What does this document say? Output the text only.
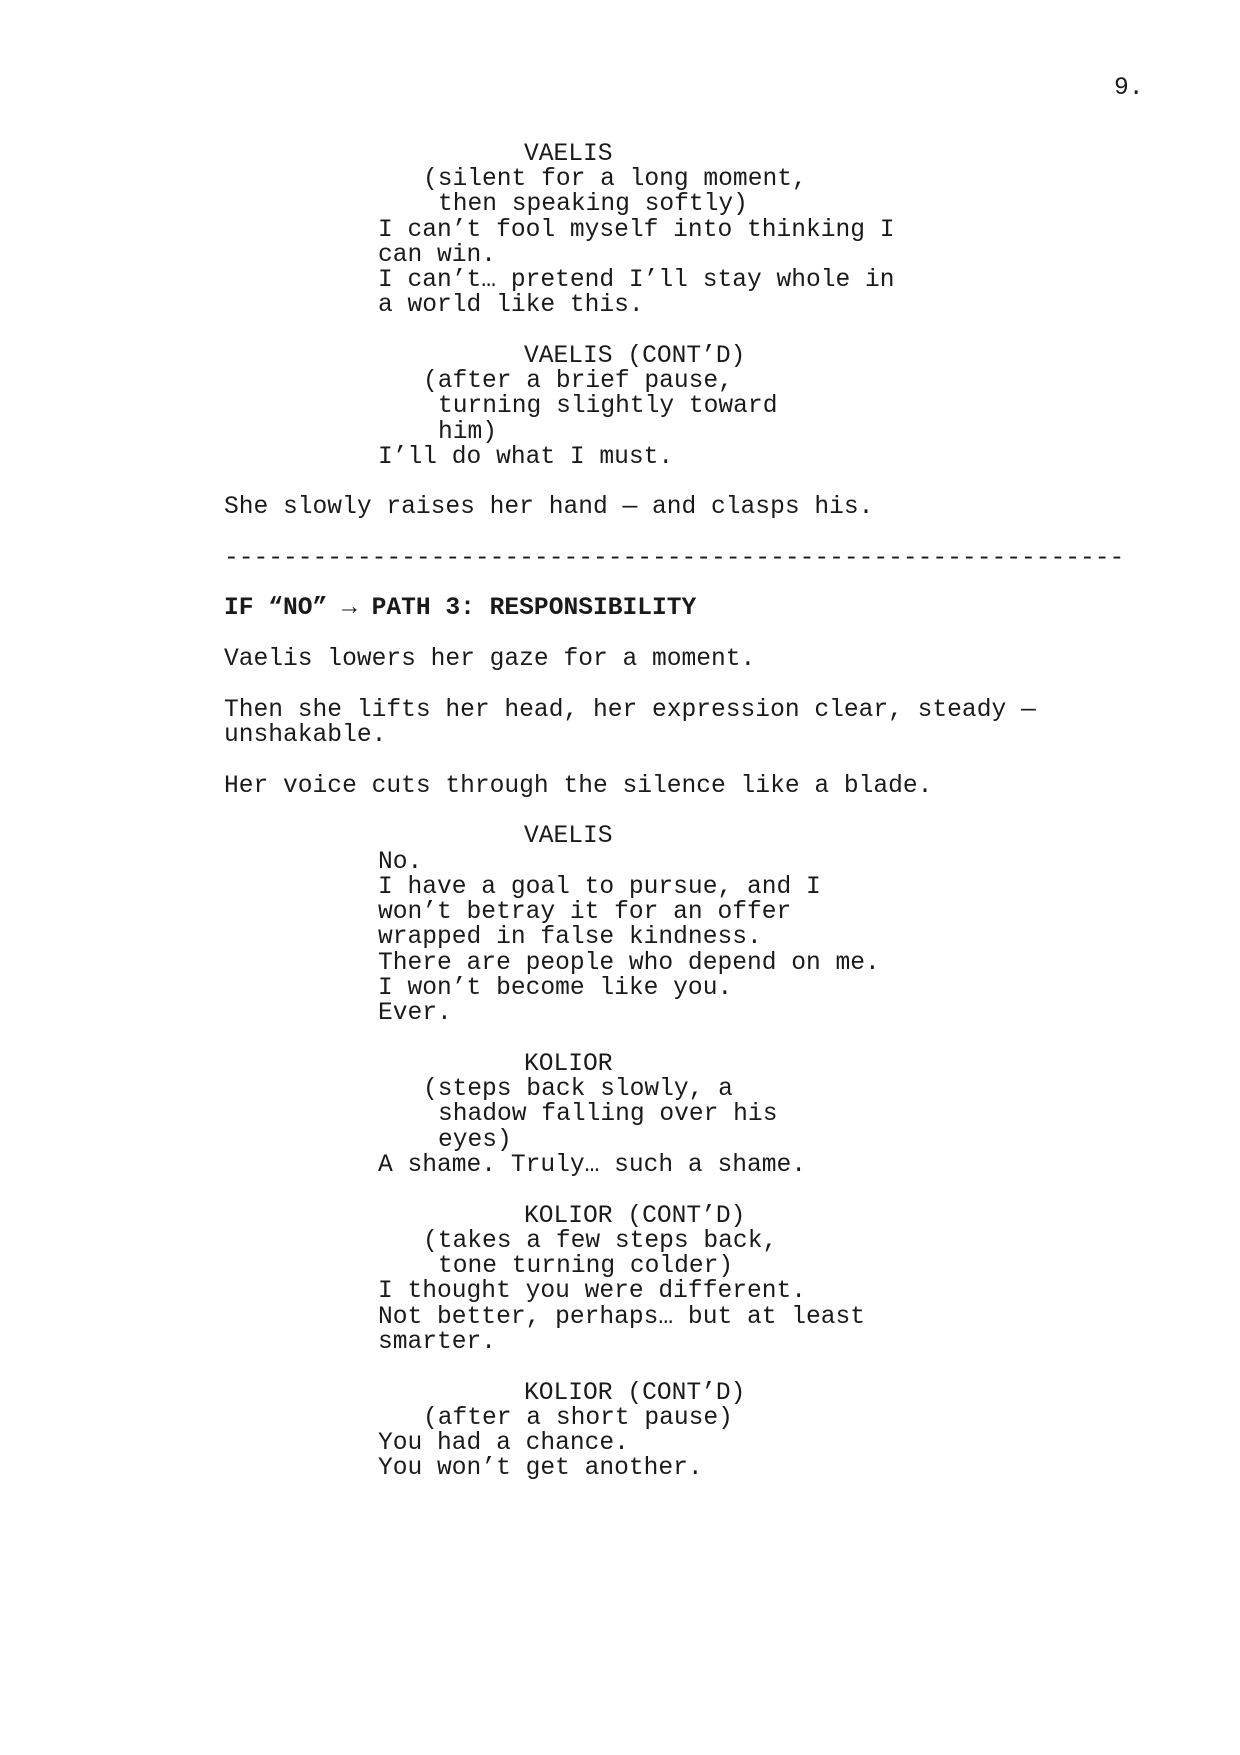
9.
VAELIS
(silent for a long moment,
then speaking softly)
I can’t fool myself into thinking I
can win.
I can’t… pretend I’ll stay whole in
a world like this.
VAELIS (CONT’D)
(after a brief pause,
turning slightly toward
him)
I’ll do what I must.
She slowly raises her hand — and clasps his.
-------------------------------------------------------------
IF “NO” → PATH 3: RESPONSIBILITY
Vaelis lowers her gaze for a moment.
Then she lifts her head, her expression clear, steady —
unshakable.
Her voice cuts through the silence like a blade.
VAELIS
No.
I have a goal to pursue, and I
won’t betray it for an offer
wrapped in false kindness.
There are people who depend on me.
I won’t become like you.
Ever.
KOLIOR
(steps back slowly, a
shadow falling over his
eyes)
A shame. Truly… such a shame.
KOLIOR (CONT’D)
(takes a few steps back,
tone turning colder)
I thought you were different.
Not better, perhaps… but at least
smarter.
KOLIOR (CONT’D)
(after a short pause)
You had a chance.
You won’t get another.
